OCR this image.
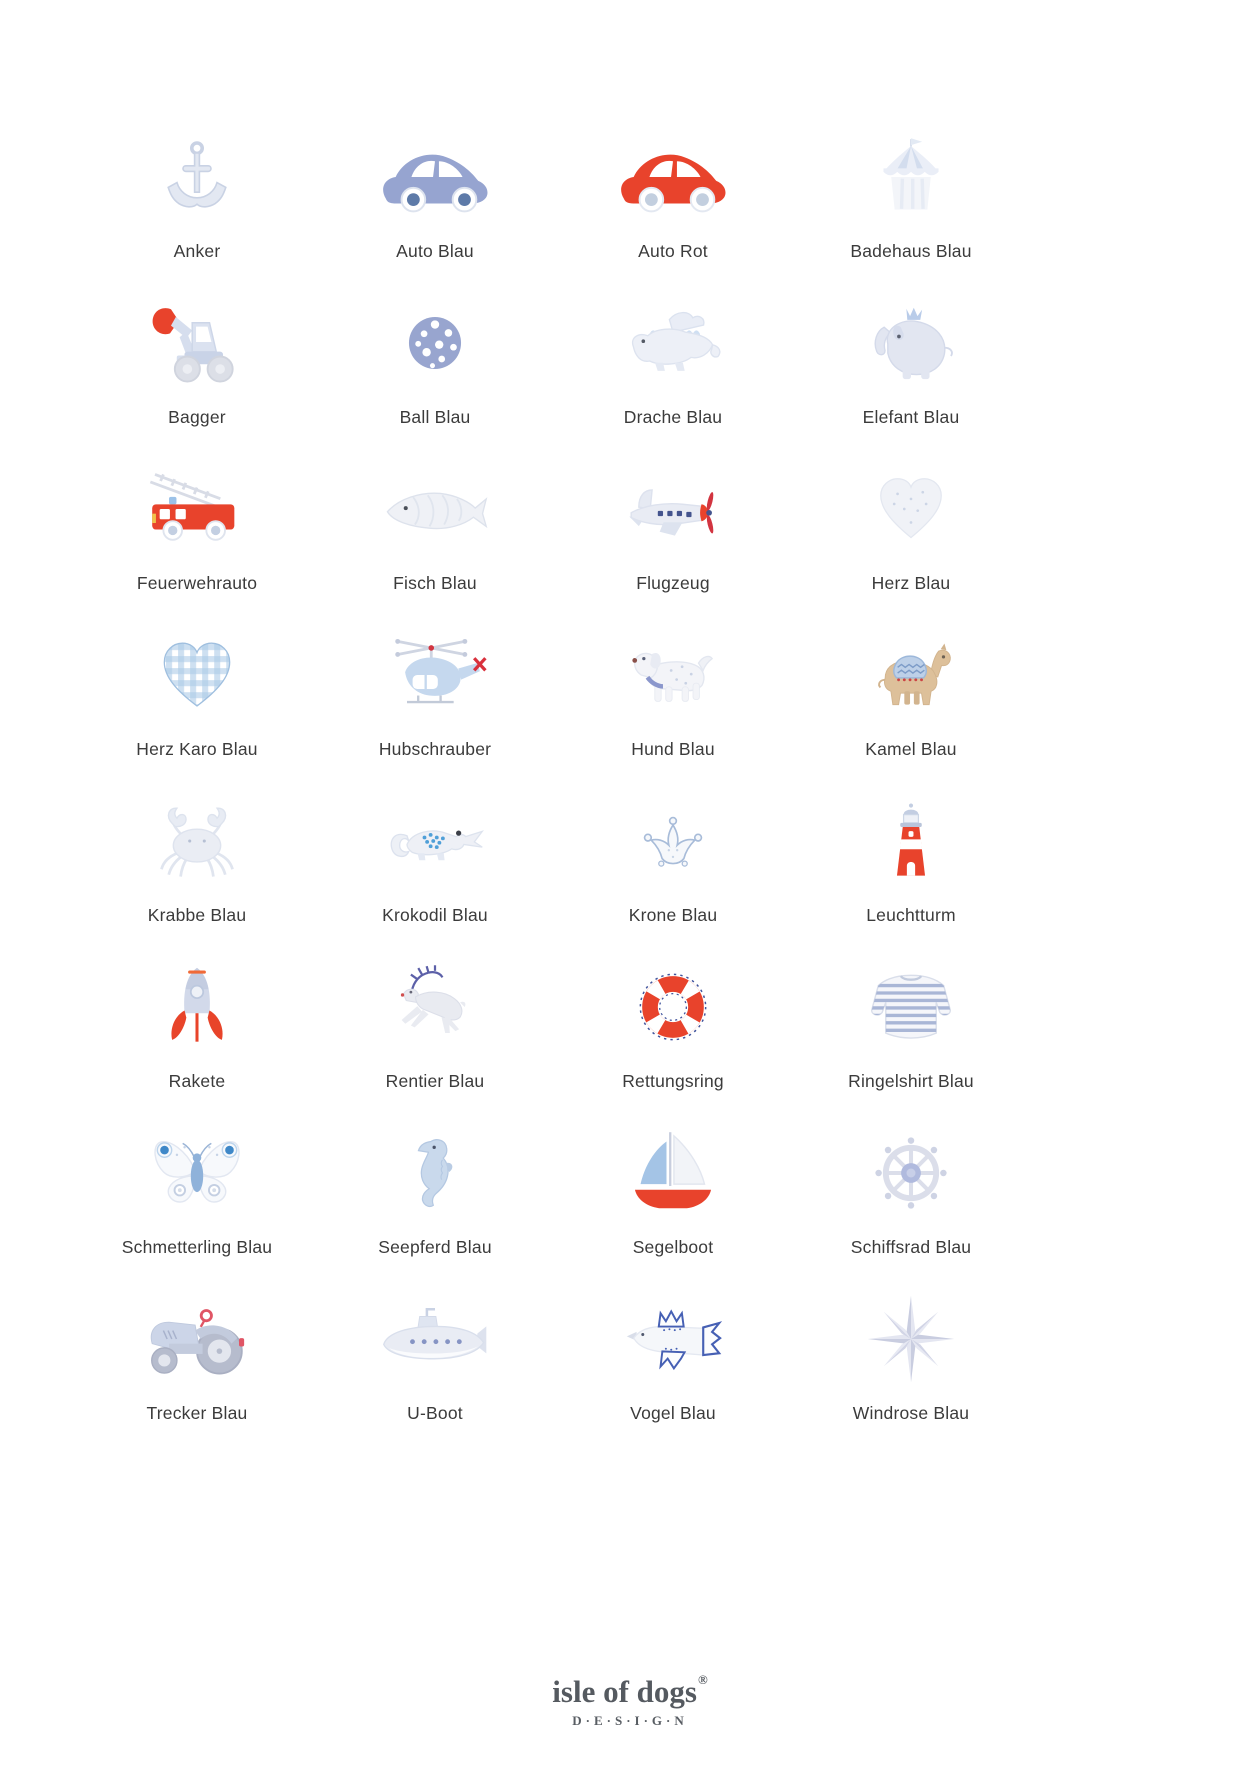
Anker	Auto Blau	Auto Rot	Badehaus Blau
Bagger	Ball Blau	Drache Blau	Elefant Blau
Feuerwehrauto	Fisch Blau	Flugzeug	Herz Blau
Herz Karo Blau	Hubschrauber	Hund Blau	Kamel Blau
Krabbe Blau	Krokodil Blau	Krone Blau	Leuchtturm
Rakete	Rentier Blau	Rettungsring	Ringelshirt Blau
Schmetterling Blau	Seepferd Blau	Segelboot	Schiffsrad Blau
Trecker Blau	U-Boot	Vogel Blau	Windrose Blau
isle of dogs®
D·E·S·I·G·N
